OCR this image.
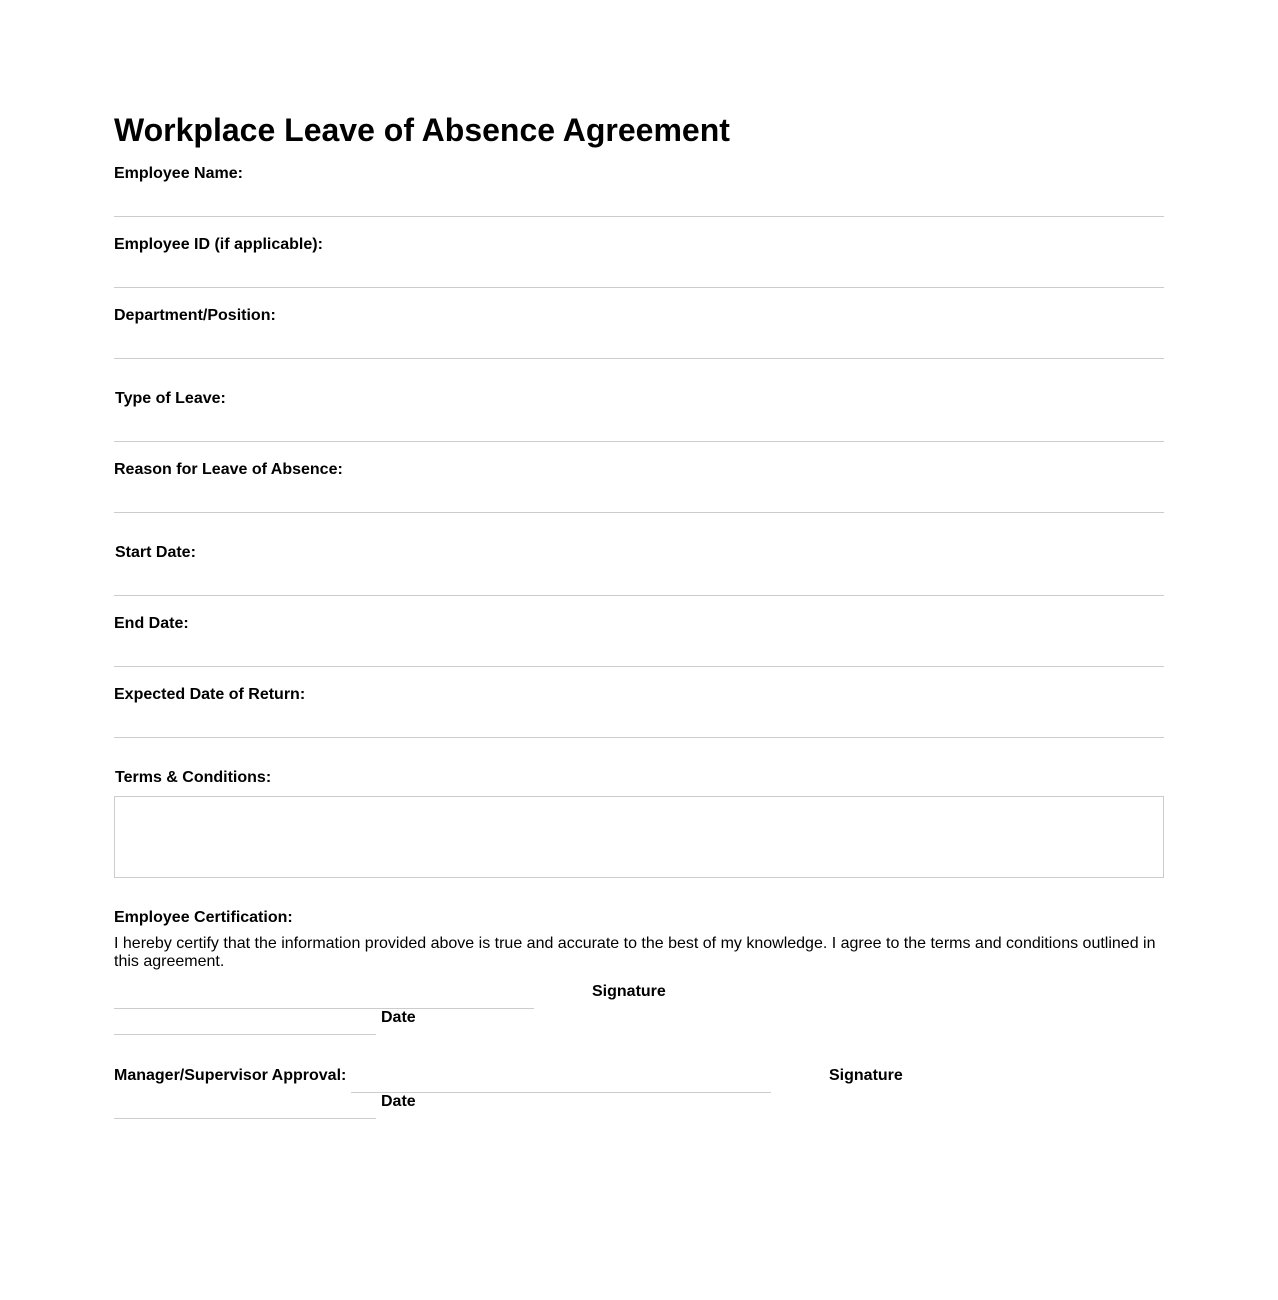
Workplace Leave of Absence Agreement
Employee Name:
Employee ID (if applicable):
Department/Position:
Type of Leave:
Reason for Leave of Absence:
Start Date:
End Date:
Expected Date of Return:
Terms & Conditions:
Employee Certification:

I hereby certify that the information provided above is true and accurate to the best of my knowledge. I agree to the terms and conditions outlined in this agreement.

Signature
Date
Manager/Supervisor Approval:	Signature
Date
